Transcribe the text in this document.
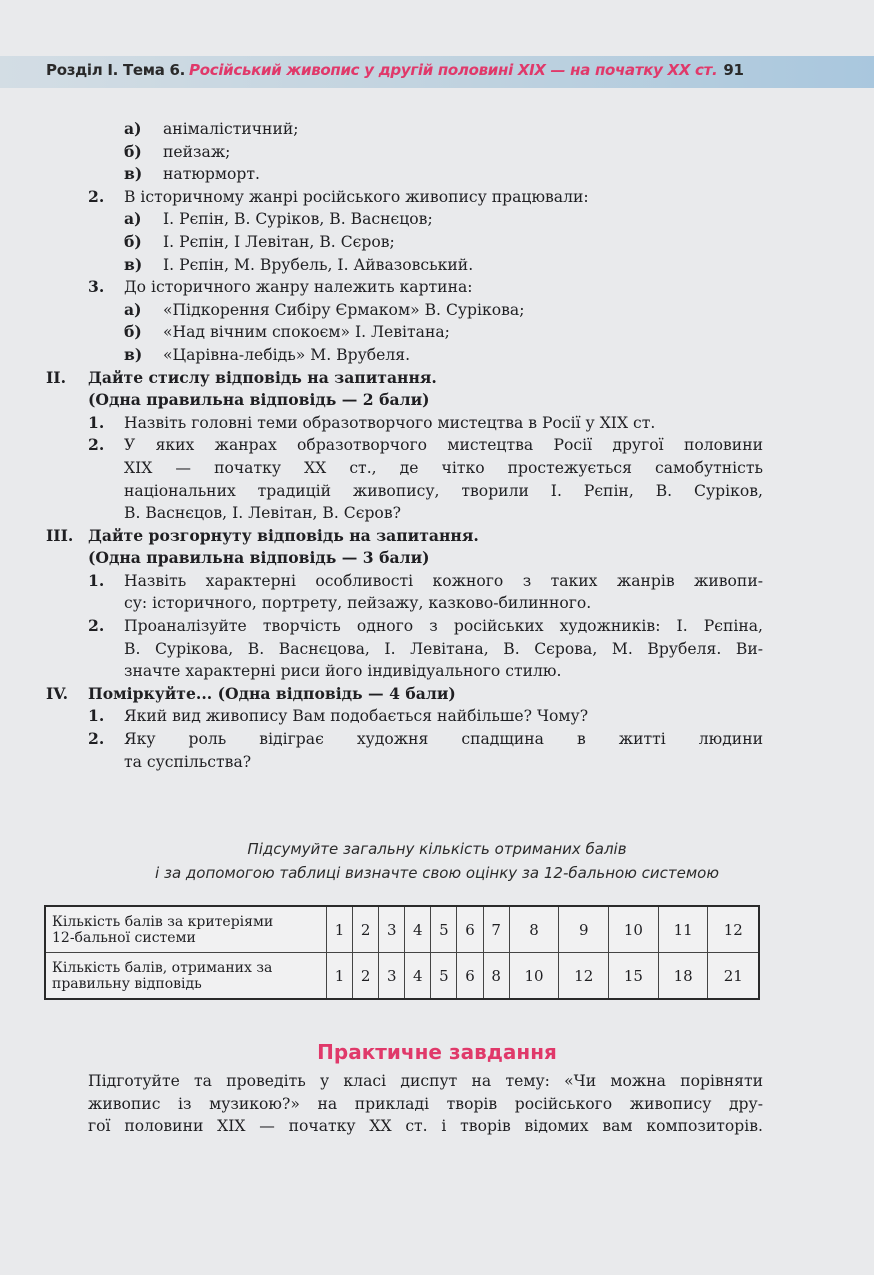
Розділ І. Тема 6. Російський живопис у другій половині ХІХ — на початку ХХ ст. 91
а) анімалістичний;
б) пейзаж;
в) натюрморт.
2. В історичному жанрі російського живопису працювали:
а) І. Рєпін, В. Суріков, В. Васнєцов;
б) І. Рєпін, І Левітан, В. Сєров;
в) І. Рєпін, М. Врубель, І. Айвазовський.
3. До історичного жанру належить картина:
а) «Підкорення Сибіру Єрмаком» В. Сурікова;
б) «Над вічним спокоєм» І. Левітана;
в) «Царівна-лебідь» М. Врубеля.
ІІ. Дайте стислу відповідь на запитання.
(Одна правильна відповідь — 2 бали)
1. Назвіть головні теми образотворчого мистецтва в Росії у ХІХ ст.
2. У яких жанрах образотворчого мистецтва Росії другої половини
ХІХ — початку ХХ ст., де чітко простежується самобутність
національних традицій живопису, творили І. Рєпін, В. Суріков,
В. Васнєцов, І. Левітан, В. Сєров?
ІІІ. Дайте розгорнуту відповідь на запитання.
(Одна правильна відповідь — 3 бали)
1. Назвіть характерні особливості кожного з таких жанрів живопи-
су: історичного, портрету, пейзажу, казково-билинного.
2. Проаналізуйте творчість одного з російських художників: І. Рєпіна,
В. Сурікова, В. Васнєцова, І. Левітана, В. Сєрова, М. Врубеля. Ви-
значте характерні риси його індивідуального стилю.
IV. Поміркуйте... (Одна відповідь — 4 бали)
1. Який вид живопису Вам подобається найбільше? Чому?
2. Яку роль відіграє художня спадщина в житті людини
та суспільства?
Підсумуйте загальну кількість отриманих балів
і за допомогою таблиці визначте свою оцінку за 12-бальною системою
Кількість балів за критеріями
12-бальної системи	1	2	3	4	5	6	7	8	9	10	11	12
Кількість балів, отриманих за
правильну відповідь	1	2	3	4	5	6	8	10	12	15	18	21
Практичне завдання
Підготуйте та проведіть у класі диспут на тему: «Чи можна порівняти
живопис із музикою?» на прикладі творів російського живопису дру-
гої половини ХІХ — початку ХХ ст. і творів відомих вам композиторів.
